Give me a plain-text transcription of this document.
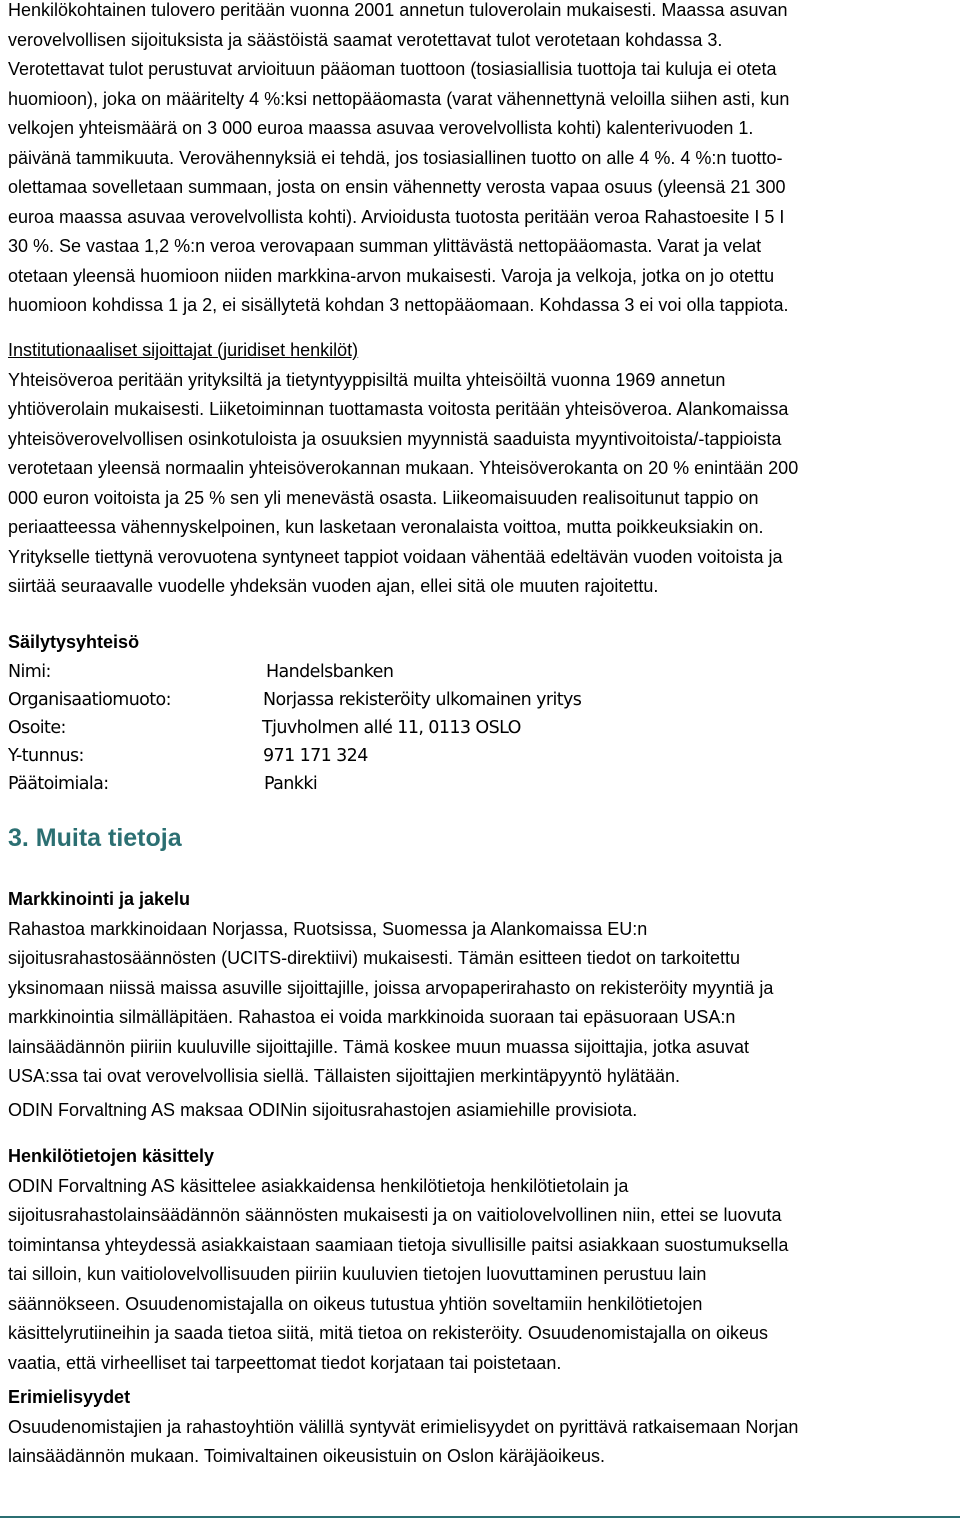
Henkilökohtainen tulovero peritään vuonna 2001 annetun tuloverolain mukaisesti. Maassa asuvan

verovelvollisen sijoituksista ja säästöistä saamat verotettavat tulot verotetaan kohdassa 3.

Verotettavat tulot perustuvat arvioituun pääoman tuottoon (tosiasiallisia tuottoja tai kuluja ei oteta

huomioon), joka on määritelty 4 %:ksi nettopääomasta (varat vähennettynä veloilla siihen asti, kun

velkojen yhteismäärä on 3 000 euroa maassa asuvaa verovelvollista kohti) kalenterivuoden 1.

päivänä tammikuuta. Verovähennyksiä ei tehdä, jos tosiasiallinen tuotto on alle 4 %. 4 %:n tuotto-

olettamaa sovelletaan summaan, josta on ensin vähennetty verosta vapaa osuus (yleensä 21 300

euroa maassa asuvaa verovelvollista kohti). Arvioidusta tuotosta peritään veroa Rahastoesite I 5 I

30 %. Se vastaa 1,2 %:n veroa verovapaan summan ylittävästä nettopääomasta. Varat ja velat

otetaan yleensä huomioon niiden markkina-arvon mukaisesti. Varoja ja velkoja, jotka on jo otettu

huomioon kohdissa 1 ja 2, ei sisällytetä kohdan 3 nettopääomaan. Kohdassa 3 ei voi olla tappiota.

Institutionaaliset sijoittajat (juridiset henkilöt)

Yhteisöveroa peritään yrityksiltä ja tietyntyyppisiltä muilta yhteisöiltä vuonna 1969 annetun

yhtiöverolain mukaisesti. Liiketoiminnan tuottamasta voitosta peritään yhteisöveroa. Alankomaissa

yhteisöverovelvollisen osinkotuloista ja osuuksien myynnistä saaduista myyntivoitoista/-tappioista

verotetaan yleensä normaalin yhteisöverokannan mukaan. Yhteisöverokanta on 20 % enintään 200

000 euron voitoista ja 25 % sen yli menevästä osasta. Liikeomaisuuden realisoitunut tappio on

periaatteessa vähennyskelpoinen, kun lasketaan veronalaista voittoa, mutta poikkeuksiakin on.

Yritykselle tiettynä verovuotena syntyneet tappiot voidaan vähentää edeltävän vuoden voitoista ja

siirtää seuraavalle vuodelle yhdeksän vuoden ajan, ellei sitä ole muuten rajoitettu.

Säilytysyhteisö

Nimi:	Handelsbanken
Organisaatiomuoto:	Norjassa rekisteröity ulkomainen yritys
Osoite:	Tjuvholmen allé 11, 0113 OSLO
Y-tunnus:	971 171 324
Päätoimiala:	Pankki
3. Muita tietoja

Markkinointi ja jakelu

Rahastoa markkinoidaan Norjassa, Ruotsissa, Suomessa ja Alankomaissa EU:n

sijoitusrahastosäännösten (UCITS-direktiivi) mukaisesti. Tämän esitteen tiedot on tarkoitettu

yksinomaan niissä maissa asuville sijoittajille, joissa arvopaperirahasto on rekisteröity myyntiä ja

markkinointia silmälläpitäen. Rahastoa ei voida markkinoida suoraan tai epäsuoraan USA:n

lainsäädännön piiriin kuuluville sijoittajille. Tämä koskee muun muassa sijoittajia, jotka asuvat

USA:ssa tai ovat verovelvollisia siellä. Tällaisten sijoittajien merkintäpyyntö hylätään.

ODIN Forvaltning AS maksaa ODINin sijoitusrahastojen asiamiehille provisiota.

Henkilötietojen käsittely

ODIN Forvaltning AS käsittelee asiakkaidensa henkilötietoja henkilötietolain ja

sijoitusrahastolainsäädännön säännösten mukaisesti ja on vaitiolovelvollinen niin, ettei se luovuta

toimintansa yhteydessä asiakkaistaan saamiaan tietoja sivullisille paitsi asiakkaan suostumuksella

tai silloin, kun vaitiolovelvollisuuden piiriin kuuluvien tietojen luovuttaminen perustuu lain

säännökseen. Osuudenomistajalla on oikeus tutustua yhtiön soveltamiin henkilötietojen

käsittelyrutiineihin ja saada tietoa siitä, mitä tietoa on rekisteröity. Osuudenomistajalla on oikeus

vaatia, että virheelliset tai tarpeettomat tiedot korjataan tai poistetaan.

Erimielisyydet

Osuudenomistajien ja rahastoyhtiön välillä syntyvät erimielisyydet on pyrittävä ratkaisemaan Norjan

lainsäädännön mukaan. Toimivaltainen oikeusistuin on Oslon käräjäoikeus.
